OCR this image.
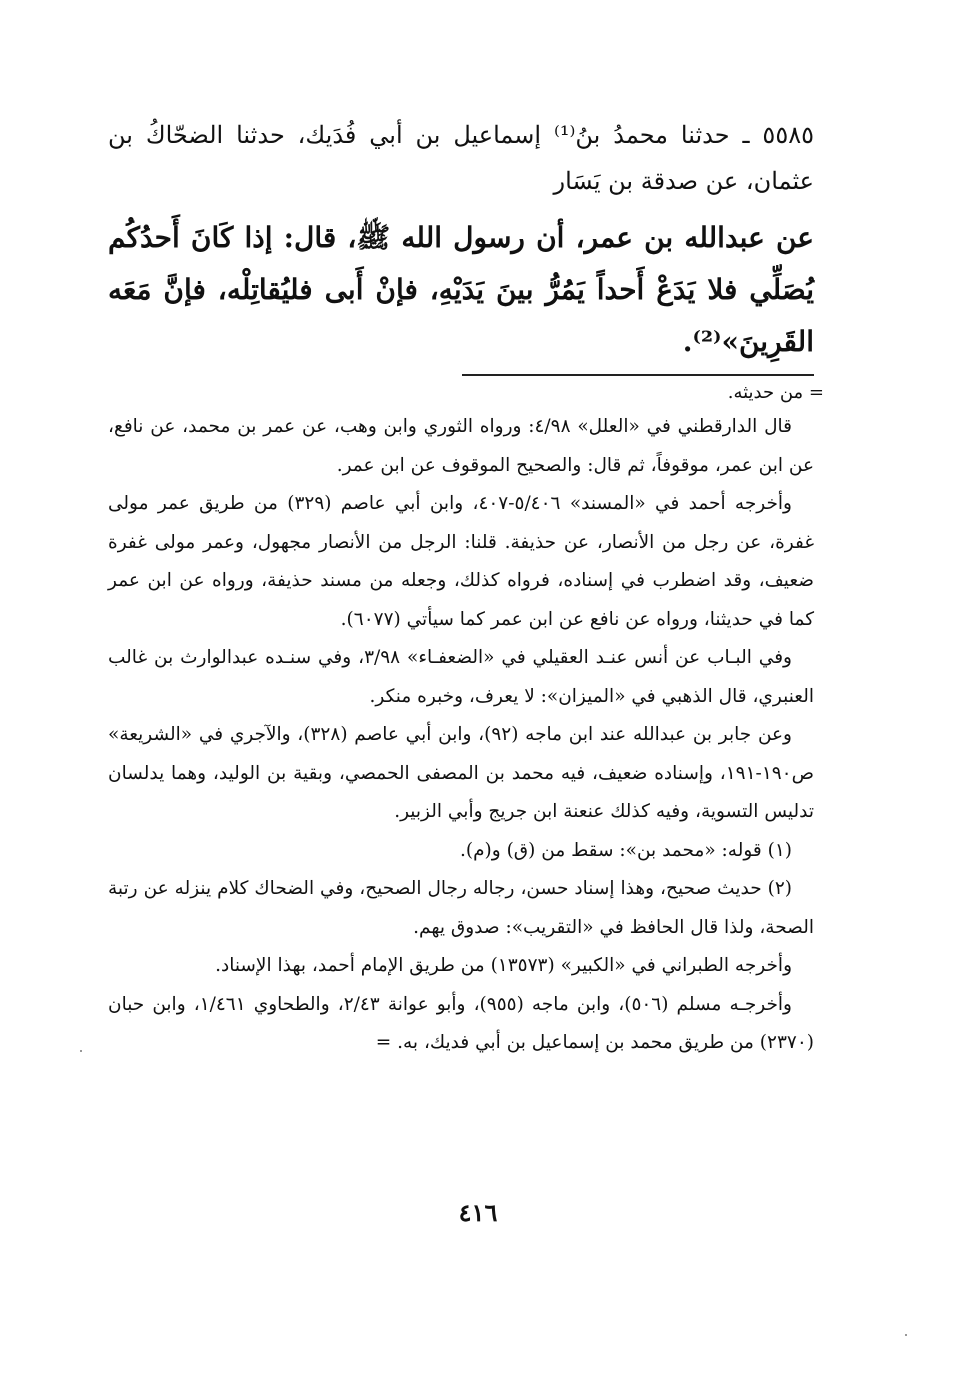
٥٥٨٥ ـ حدثنا محمدُ بنُ⁽¹⁾ إسماعيل بن أبي فُدَيك، حدثنا الضحّاكُ بن عثمان، عن صدقة بن يَسَار
عن عبدالله بن عمر، أن رسول الله ﷺ، قال: إذا كَانَ أَحدُكُم يُصَلِّي فلا يَدَعْ أَحداً يَمُرُّ بينَ يَدَيْهِ، فإنْ أَبى فليُقاتِلْه، فإنَّ مَعَه القَرِينَ»⁽²⁾.
= من حديثه.

قال الدارقطني في «العلل» ٤/٩٨: ورواه الثوري وابن وهب، عن عمر بن محمد، عن نافع، عن ابن عمر، موقوفاً، ثم قال: والصحيح الموقوف عن ابن عمر.

وأخرجه أحمد في «المسند» ٥/٤٠٦-٤٠٧، وابن أبي عاصم (٣٢٩) من طريق عمر مولى غفرة، عن رجل من الأنصار، عن حذيفة. قلنا: الرجل من الأنصار مجهول، وعمر مولى غفرة ضعيف، وقد اضطرب في إسناده، فرواه كذلك، وجعله من مسند حذيفة، ورواه عن ابن عمر كما في حديثنا، ورواه عن نافع عن ابن عمر كما سيأتي (٦٠٧٧).

وفي البـاب عن أنس عنـد العقيلي في «الضعفـاء» ٣/٩٨، وفي سنـده عبدالوارث بن غالب العنبري، قال الذهبي في «الميزان»: لا يعرف، وخبره منكر.

وعن جابر بن عبدالله عند ابن ماجه (٩٢)، وابن أبي عاصم (٣٢٨)، والآجري في «الشريعة» ص١٩٠-١٩١، وإسناده ضعيف، فيه محمد بن المصفى الحمصي، وبقية بن الوليد، وهما يدلسان تدليس التسوية، وفيه كذلك عنعنة ابن جريج وأبي الزبير.

(١) قوله: «محمد بن»: سقط من (ق) و(م).

(٢) حديث صحيح، وهذا إسناد حسن، رجاله رجال الصحيح، وفي الضحاك كلام ينزله عن رتبة الصحة، ولذا قال الحافظ في «التقريب»: صدوق يهم.

وأخرجه الطبراني في «الكبير» (١٣٥٧٣) من طريق الإمام أحمد، بهذا الإسناد.

وأخرجـه مسلم (٥٠٦)، وابن ماجه (٩٥٥)، وأبو عوانة ٢/٤٣، والطحاوي ١/٤٦١، وابن حبان (٢٣٧٠) من طريق محمد بن إسماعيل بن أبي فديك، به. =

٤١٦
